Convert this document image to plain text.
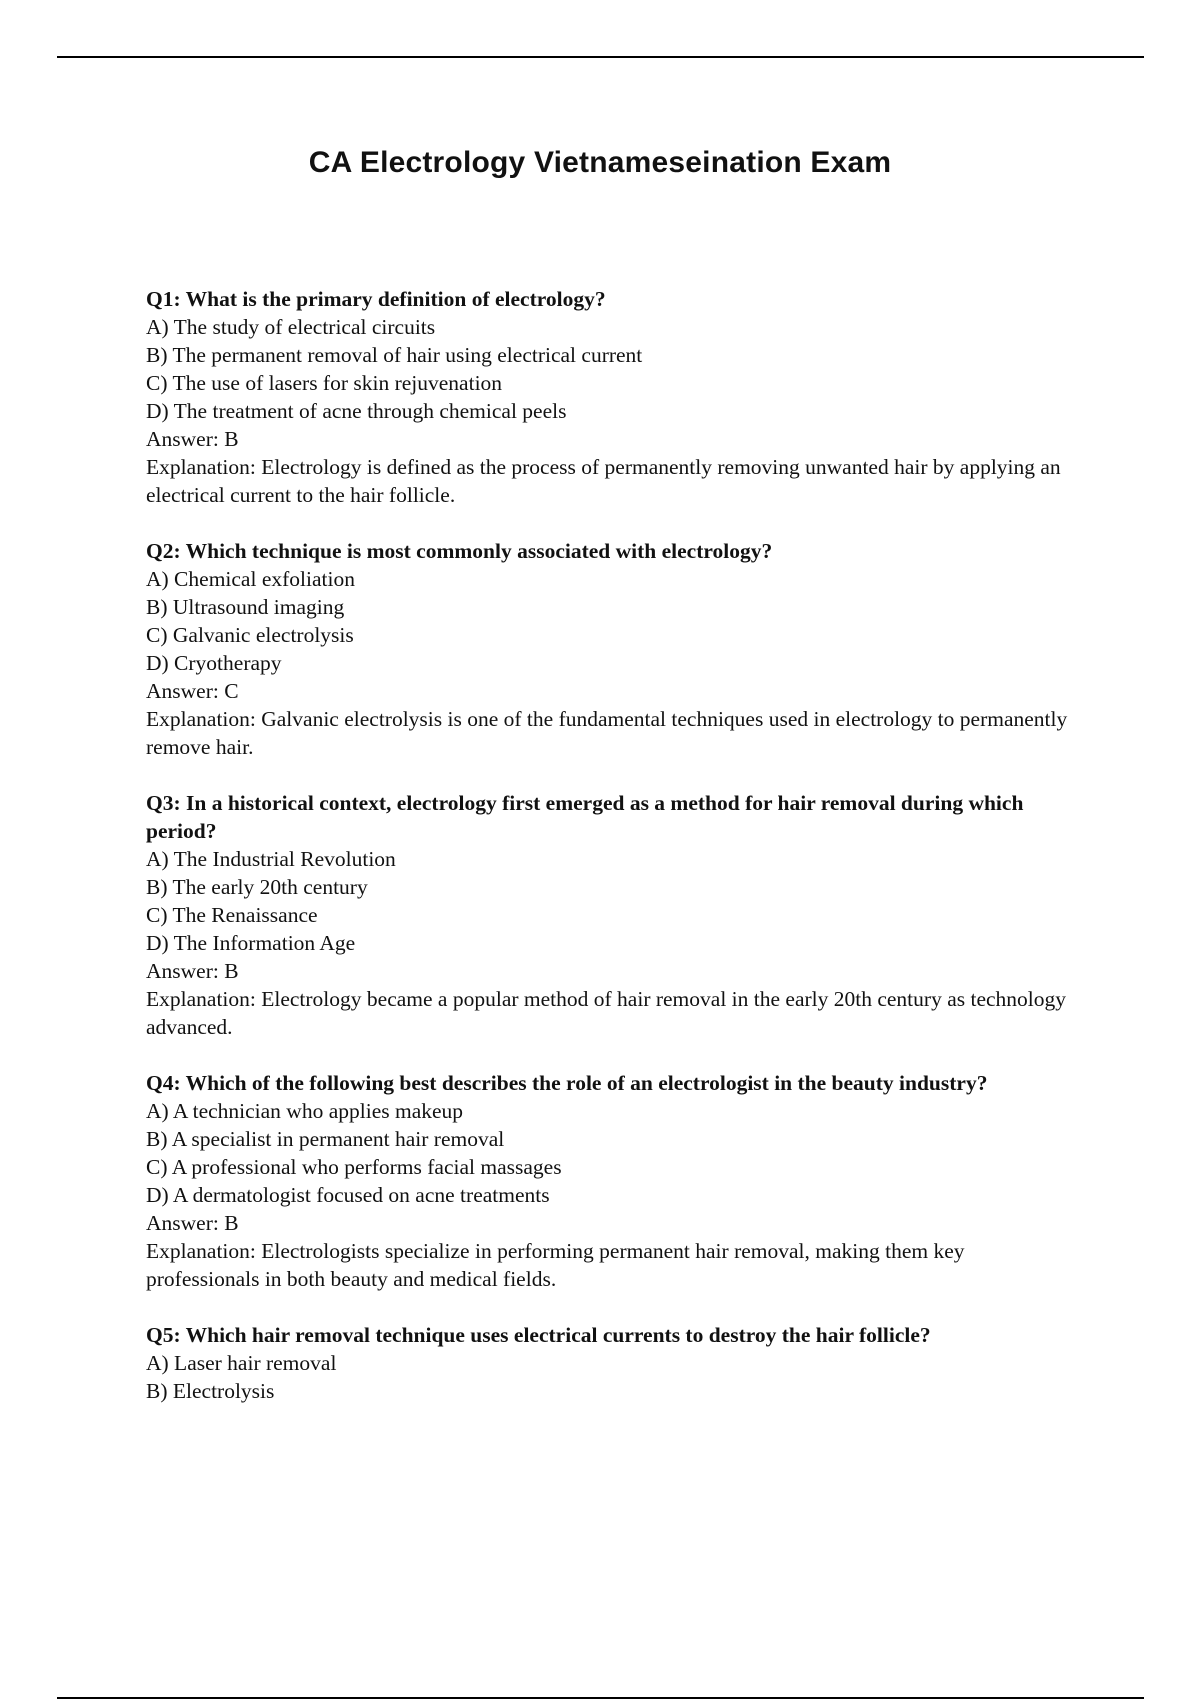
CA Electrology Vietnameseination Exam

Q1: What is the primary definition of electrology?

A) The study of electrical circuits

B) The permanent removal of hair using electrical current

C) The use of lasers for skin rejuvenation

D) The treatment of acne through chemical peels

Answer: B

Explanation: Electrology is defined as the process of permanently removing unwanted hair by applying an electrical current to the hair follicle.

Q2: Which technique is most commonly associated with electrology?

A) Chemical exfoliation

B) Ultrasound imaging

C) Galvanic electrolysis

D) Cryotherapy

Answer: C

Explanation: Galvanic electrolysis is one of the fundamental techniques used in electrology to permanently remove hair.

Q3: In a historical context, electrology first emerged as a method for hair removal during which period?

A) The Industrial Revolution

B) The early 20th century

C) The Renaissance

D) The Information Age

Answer: B

Explanation: Electrology became a popular method of hair removal in the early 20th century as technology advanced.

Q4: Which of the following best describes the role of an electrologist in the beauty industry?

A) A technician who applies makeup

B) A specialist in permanent hair removal

C) A professional who performs facial massages

D) A dermatologist focused on acne treatments

Answer: B

Explanation: Electrologists specialize in performing permanent hair removal, making them key professionals in both beauty and medical fields.

Q5: Which hair removal technique uses electrical currents to destroy the hair follicle?

A) Laser hair removal

B) Electrolysis
